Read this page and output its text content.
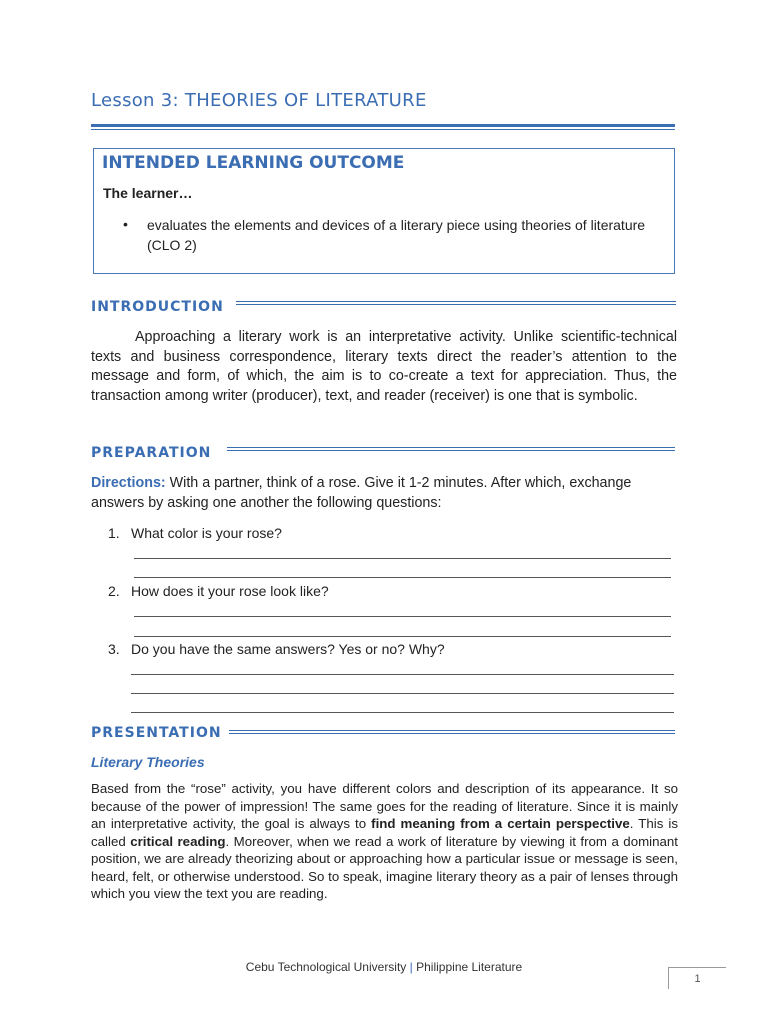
Lesson 3: THEORIES OF LITERATURE
INTENDED LEARNING OUTCOME
The learner…
• evaluates the elements and devices of a literary piece using theories of literature (CLO 2)
INTRODUCTION
Approaching a literary work is an interpretative activity. Unlike scientific-technical texts and business correspondence, literary texts direct the reader’s attention to the message and form, of which, the aim is to co-create a text for appreciation. Thus, the transaction among writer (producer), text, and reader (receiver) is one that is symbolic.
PREPARATION
Directions: With a partner, think of a rose. Give it 1-2 minutes. After which, exchange answers by asking one another the following questions:
1. What color is your rose?
2. How does it your rose look like?
3. Do you have the same answers? Yes or no? Why?
PRESENTATION
Literary Theories
Based from the “rose” activity, you have different colors and description of its appearance. It so because of the power of impression! The same goes for the reading of literature. Since it is mainly an interpretative activity, the goal is always to find meaning from a certain perspective. This is called critical reading. Moreover, when we read a work of literature by viewing it from a dominant position, we are already theorizing about or approaching how a particular issue or message is seen, heard, felt, or otherwise understood. So to speak, imagine literary theory as a pair of lenses through which you view the text you are reading.
Cebu Technological University | Philippine Literature
1
